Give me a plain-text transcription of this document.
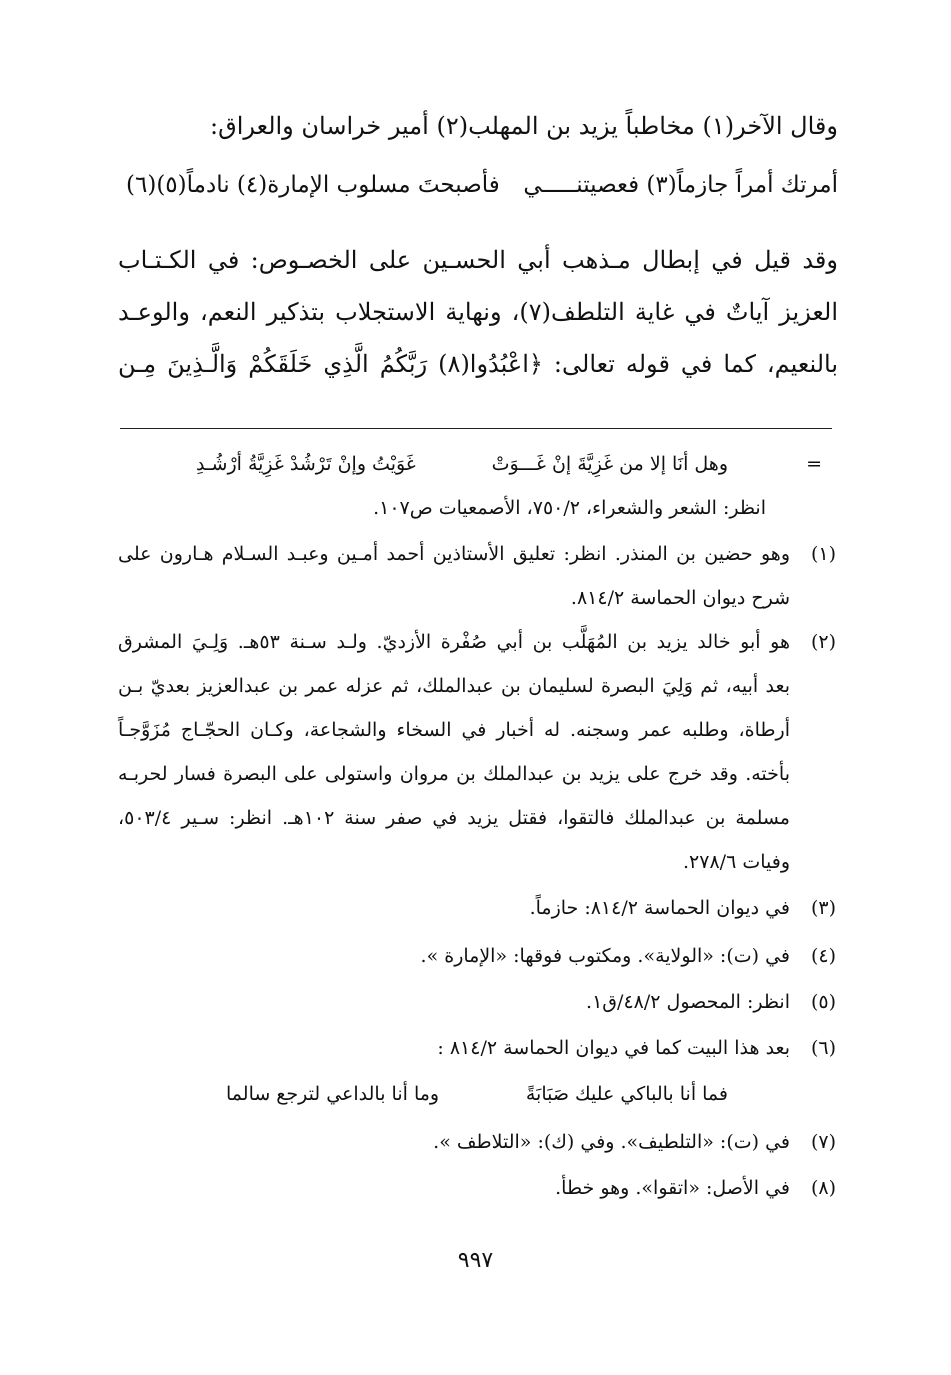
وقال الآخر(١) مخاطباً يزيد بن المهلب(٢) أمير خراسان والعراق:
أمرتك أمراً جازماً(٣) فعصيتنـــــي
فأصبحتَ مسلوب الإمارة(٤) نادماً(٥)(٦)
وقد قيل في إبطال مـذهب أبي الحسـين على الخصـوص: في الكـتـاب
العزيز آياتٌ في غاية التلطف(٧)، ونهاية الاستجلاب بتذكير النعم، والوعـد
بالنعيم، كما في قوله تعالى: ﴿اعْبُدُوا(٨) رَبَّكُمُ الَّذِي خَلَقَكُمْ وَالَّـذِينَ مِـن
=
وهل أنَا إلا من غَزِيَّةَ إنْ غَـــوَتْ
غَوَيْتُ وإنْ تَرْشُدْ غَزِيَّةُ أرْشُـدِ
انظر: الشعر والشعراء، ٧٥٠/٢، الأصمعيات ص١٠٧.
(١)
وهو حضين بن المنذر. انظر: تعليق الأستاذين أحمد أمـين وعبـد السـلام هـارون على
شرح ديوان الحماسة ٨١٤/٢.
(٢)
هو أبو خالد يزيد بن المُهَلَّب بن أبي صُفْرة الأزديّ. ولـد سـنة ٥٣هـ. وَلِـيَ المشرق
بعد أبيه، ثم وَلِيَ البصرة لسليمان بن عبدالملك، ثم عزله عمر بن عبدالعزيز بعديّ بـن
أرطاة، وطلبه عمر وسجنه. له أخبار في السخاء والشجاعة، وكـان الحجّـاج مُزَوَّجـاً
بأخته. وقد خرج على يزيد بن عبدالملك بن مروان واستولى على البصرة فسار لحربـه
مسلمة بن عبدالملك فالتقوا، فقتل يزيد في صفر سنة ١٠٢هـ. انظر: سـير ٥٠٣/٤،
وفيات ٢٧٨/٦.
(٣)
في ديوان الحماسة ٨١٤/٢: حازماً.
(٤)
في (ت): «الولاية». ومكتوب فوقها: «الإمارة ».
(٥)
انظر: المحصول ٤٨/٢/ق١.
(٦)
بعد هذا البيت كما في ديوان الحماسة ٨١٤/٢ :
فما أنا بالباكي عليك صَبَابَةً
وما أنا بالداعي لترجع سالما
(٧)
في (ت): «التلطيف». وفي (ك): «التلاطف ».
(٨)
في الأصل: «اتقوا». وهو خطأ.
٩٩٧
